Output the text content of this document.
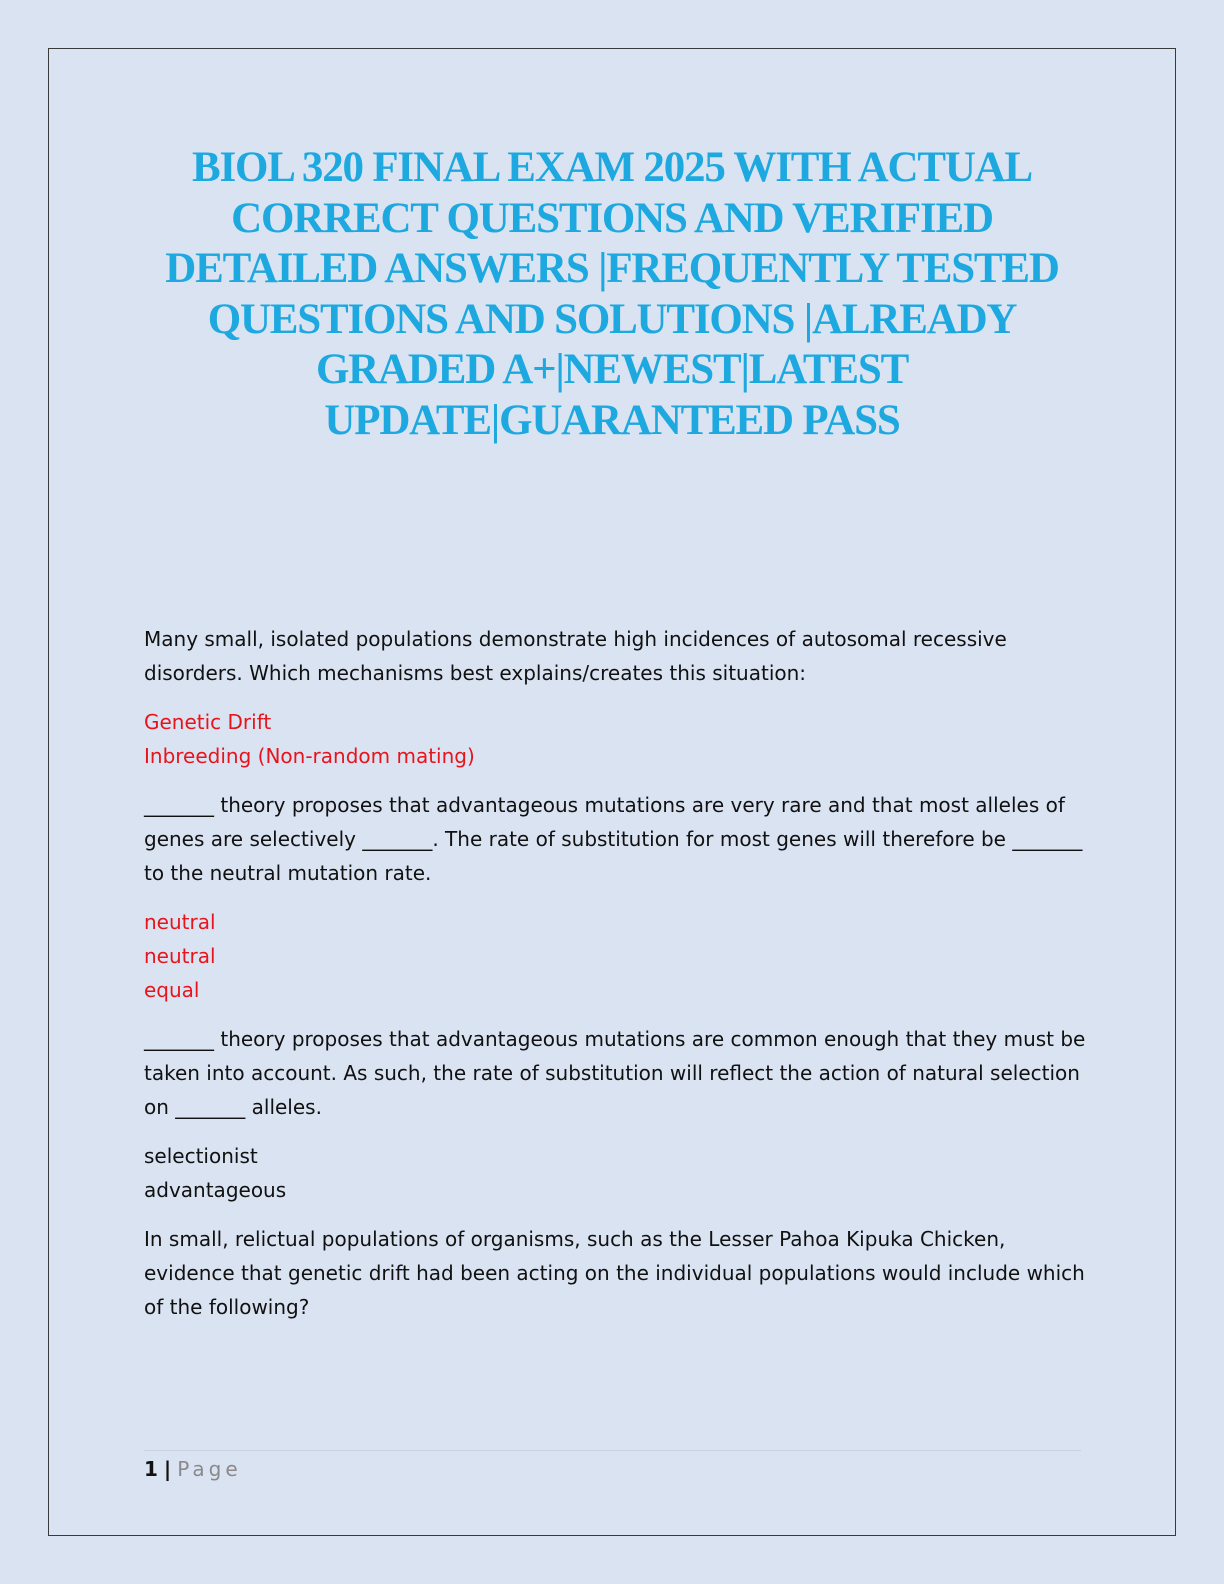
BIOL 320 FINAL EXAM 2025 WITH ACTUAL CORRECT QUESTIONS AND VERIFIED DETAILED ANSWERS |FREQUENTLY TESTED QUESTIONS AND SOLUTIONS |ALREADY GRADED A+|NEWEST|LATEST UPDATE|GUARANTEED PASS

Many small, isolated populations demonstrate high incidences of autosomal recessive disorders. Which mechanisms best explains/creates this situation:

Genetic Drift
Inbreeding (Non-random mating)

_______ theory proposes that advantageous mutations are very rare and that most alleles of genes are selectively _______. The rate of substitution for most genes will therefore be _______ to the neutral mutation rate.

neutral
neutral
equal

_______ theory proposes that advantageous mutations are common enough that they must be taken into account. As such, the rate of substitution will reflect the action of natural selection on _______ alleles.

selectionist
advantageous

In small, relictual populations of organisms, such as the Lesser Pahoa Kipuka Chicken, evidence that genetic drift had been acting on the individual populations would include which of the following?

1 | Page
